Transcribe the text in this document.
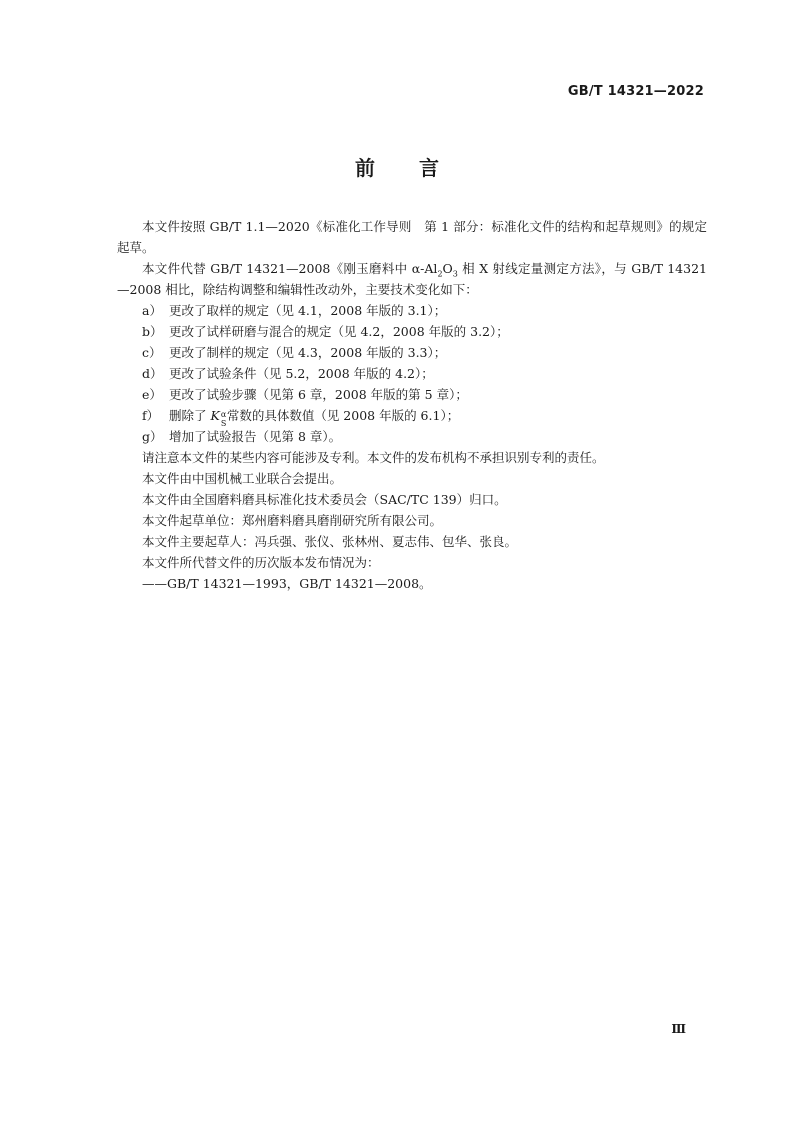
GB/T 14321—2022
前言

本文件按照 GB/T 1.1—2020《标准化工作导则　第 1 部分：标准化文件的结构和起草规则》的规定起草。

本文件代替 GB/T 14321—2008《刚玉磨料中 $\alpha-Al_2O_3$ 相 X 射线定量测定方法》，与 GB/T 14321—2008 相比，除结构调整和编辑性改动外，主要技术变化如下：

a） 更改了取样的规定（见 4.1，2008 年版的 3.1）；

b） 更改了试样研磨与混合的规定（见 4.2，2008 年版的 3.2）；

c） 更改了制样的规定（见 4.3，2008 年版的 3.3）；

d） 更改了试验条件（见 5.2，2008 年版的 4.2）；

e） 更改了试验步骤（见第 6 章，2008 年版的第 5 章）；

f） 删除了 K α
S
常数的具体数值（见 2008 年版的 6.1）；

g） 增加了试验报告（见第 8 章）。

请注意本文件的某些内容可能涉及专利。本文件的发布机构不承担识别专利的责任。

本文件由中国机械工业联合会提出。

本文件由全国磨料磨具标准化技术委员会（SAC/TC 139）归口。

本文件起草单位：郑州磨料磨具磨削研究所有限公司。

本文件主要起草人：冯兵强、张仪、张林州、夏志伟、包华、张良。

本文件所代替文件的历次版本发布情况为：

——GB/T 14321—1993，GB/T 14321—2008。

Ⅲ
